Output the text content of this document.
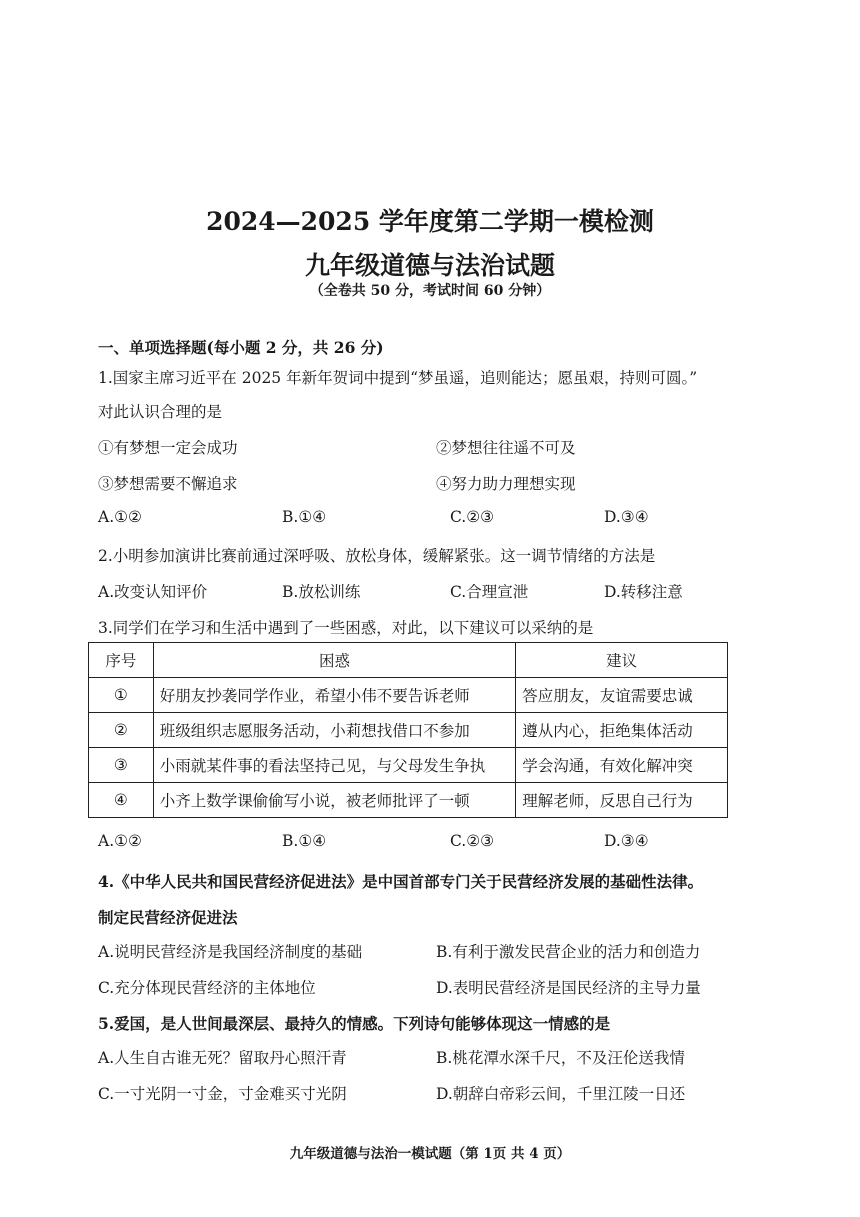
2024—2025 学年度第二学期一模检测
九年级道德与法治试题
（全卷共 50 分，考试时间 60 分钟）
一、单项选择题(每小题 2 分，共 26 分)
1.国家主席习近平在 2025 年新年贺词中提到“梦虽遥，追则能达；愿虽艰，持则可圆。”
对此认识合理的是
①有梦想一定会成功	②梦想往往遥不可及
③梦想需要不懈追求	④努力助力理想实现
A.①②	B.①④	C.②③	D.③④
2.小明参加演讲比赛前通过深呼吸、放松身体，缓解紧张。这一调节情绪的方法是
A.改变认知评价	B.放松训练	C.合理宣泄	D.转移注意
3.同学们在学习和生活中遇到了一些困惑，对此，以下建议可以采纳的是
序号	困惑	建议
①	好朋友抄袭同学作业，希望小伟不要告诉老师	答应朋友，友谊需要忠诚
②	班级组织志愿服务活动，小莉想找借口不参加	遵从内心，拒绝集体活动
③	小雨就某件事的看法坚持己见，与父母发生争执	学会沟通，有效化解冲突
④	小齐上数学课偷偷写小说，被老师批评了一顿	理解老师，反思自己行为
A.①②	B.①④	C.②③	D.③④
4.《中华人民共和国民营经济促进法》是中国首部专门关于民营经济发展的基础性法律。
制定民营经济促进法
A.说明民营经济是我国经济制度的基础	B.有利于激发民营企业的活力和创造力
C.充分体现民营经济的主体地位	D.表明民营经济是国民经济的主导力量
5.爱国，是人世间最深层、最持久的情感。下列诗句能够体现这一情感的是
A.人生自古谁无死？留取丹心照汗青	B.桃花潭水深千尺，不及汪伦送我情
C.一寸光阴一寸金，寸金难买寸光阴	D.朝辞白帝彩云间，千里江陵一日还
九年级道德与法治一模试题（第 1页 共 4 页）
